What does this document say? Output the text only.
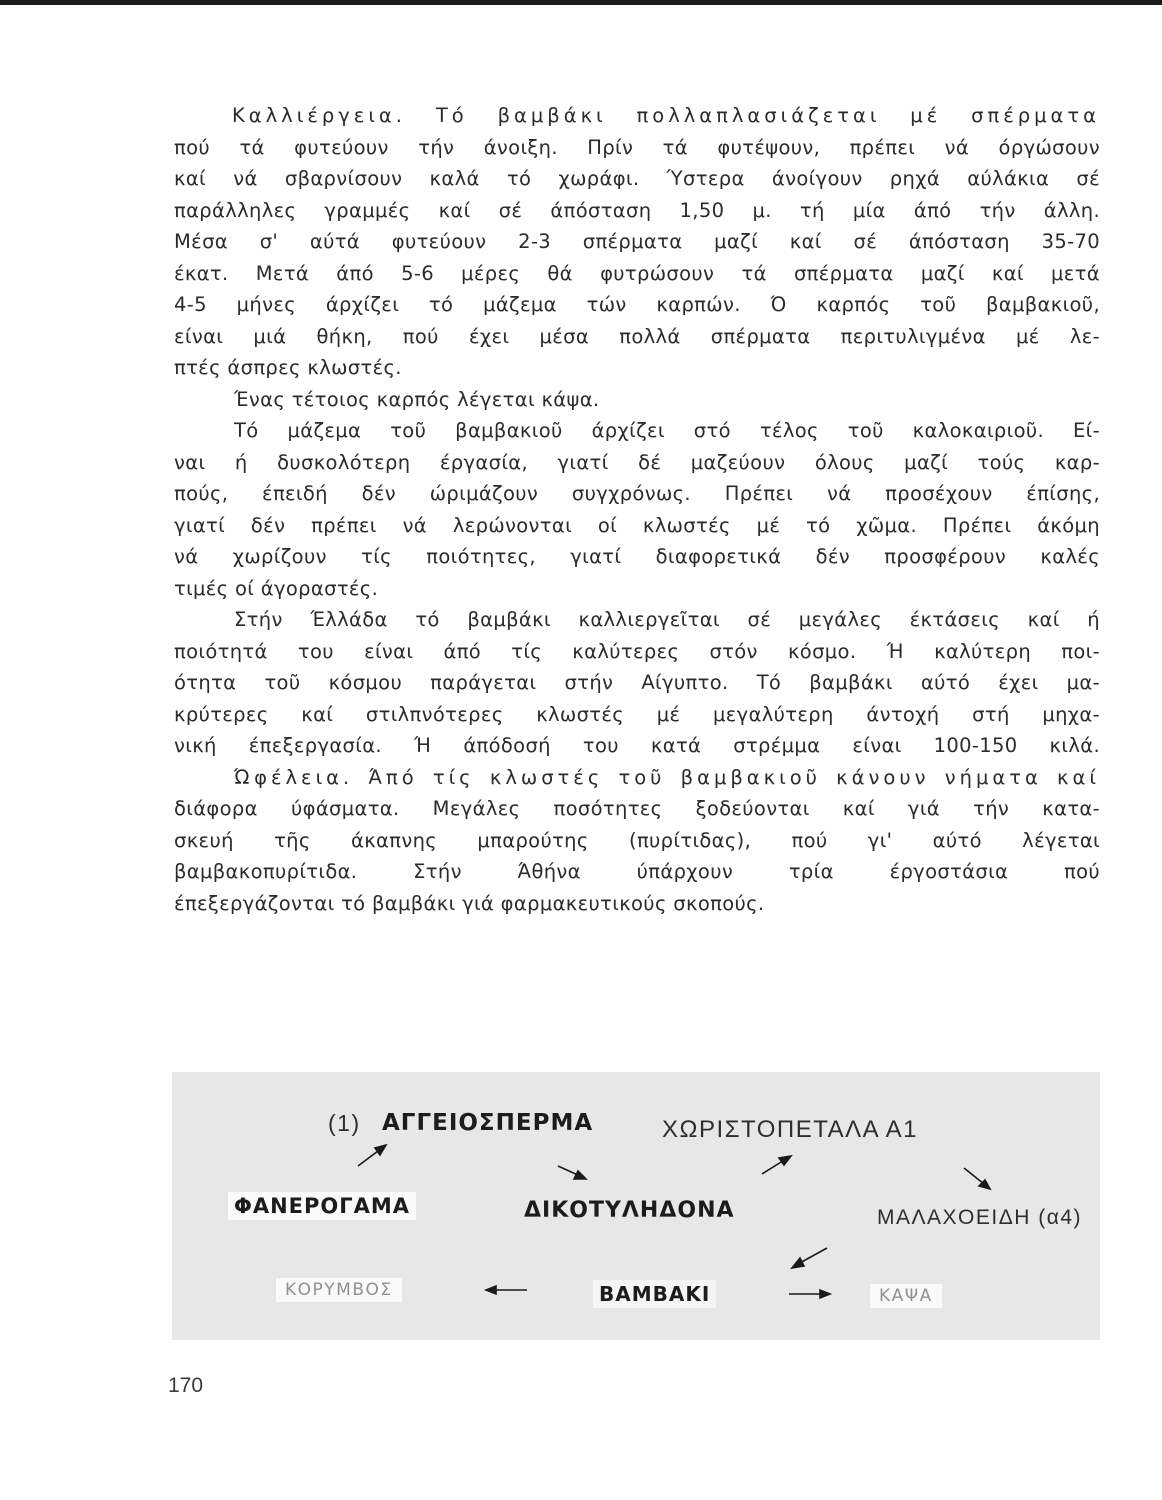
Καλλιέργεια. Τό βαμβάκι πολλαπλασιάζεται μέ σπέρματα
πού τά φυτεύουν τήν άνοιξη. Πρίν τά φυτέψουν, πρέπει νά όργώσουν
καί νά σβαρνίσουν καλά τό χωράφι. Ύστερα άνοίγουν ρηχά αύλάκια σέ
παράλληλες γραμμές καί σέ άπόσταση 1,50 μ. τή μία άπό τήν άλλη.
Μέσα σ' αύτά φυτεύουν 2-3 σπέρματα μαζί καί σέ άπόσταση 35-70
έκατ. Μετά άπό 5-6 μέρες θά φυτρώσουν τά σπέρματα μαζί καί μετά
4-5 μήνες άρχίζει τό μάζεμα τών καρπών. Ό καρπός τοῦ βαμβακιοῦ,
είναι μιά θήκη, πού έχει μέσα πολλά σπέρματα περιτυλιγμένα μέ λε-
πτές άσπρες κλωστές.
Ένας τέτοιος καρπός λέγεται κάψα.
Τό μάζεμα τοῦ βαμβακιοῦ άρχίζει στό τέλος τοῦ καλοκαιριοῦ. Εί-
ναι ή δυσκολότερη έργασία, γιατί δέ μαζεύουν όλους μαζί τούς καρ-
πούς, έπειδή δέν ώριμάζουν συγχρόνως. Πρέπει νά προσέχουν έπίσης,
γιατί δέν πρέπει νά λερώνονται οί κλωστές μέ τό χῶμα. Πρέπει άκόμη
νά χωρίζουν τίς ποιότητες, γιατί διαφορετικά δέν προσφέρουν καλές
τιμές οί άγοραστές.
Στήν Έλλάδα τό βαμβάκι καλλιεργεῖται σέ μεγάλες έκτάσεις καί ή
ποιότητά του είναι άπό τίς καλύτερες στόν κόσμο. Ή καλύτερη ποι-
ότητα τοῦ κόσμου παράγεται στήν Αίγυπτο. Τό βαμβάκι αύτό έχει μα-
κρύτερες καί στιλπνότερες κλωστές μέ μεγαλύτερη άντοχή στή μηχα-
νική έπεξεργασία. Ή άπόδοσή του κατά στρέμμα είναι 100-150 κιλά.
Ώφέλεια. Άπό τίς κλωστές τοῦ βαμβακιοῦ κάνουν νήματα καί
διάφορα ύφάσματα. Μεγάλες ποσότητες ξοδεύονται καί γιά τήν κατα-
σκευή τῆς άκαπνης μπαρούτης (πυρίτιδας), πού γι' αύτό λέγεται
βαμβακοπυρίτιδα. Στήν Άθήνα ύπάρχουν τρία έργοστάσια πού
έπεξεργάζονται τό βαμβάκι γιά φαρμακευτικούς σκοπούς.
(1) ΑΓΓΕΙΟΣΠΕΡΜΑ	ΧΩΡΙΣΤΟΠΕΤΑΛΑ Α1
ΦΑΝΕΡΟΓΑΜΑ	ΔΙΚΟΤΥΛΗΔΟΝΑ	ΜΑΛΑΧΟΕΙΔΗ (α4)
ΚΟΡΥΜΒΟΣ	ΒΑΜΒΑΚΙ	ΚΑΨΑ
170
